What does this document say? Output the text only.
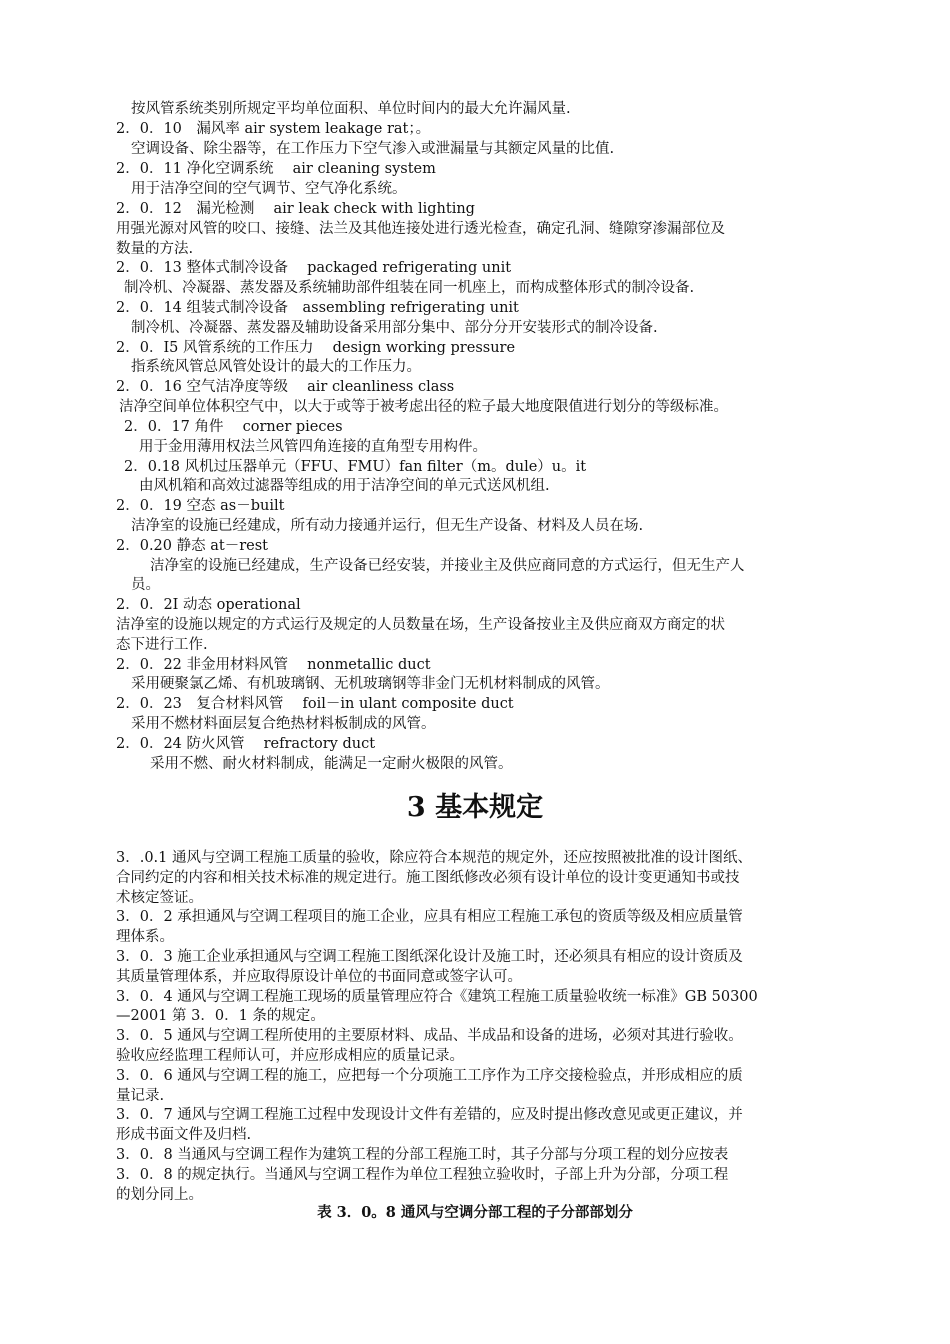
按风管系统类别所规定平均单位面积、单位时间内的最大允许漏风量.
2．0．10　漏风率 air system leakage rat；。
空调设备、除尘器等，在工作压力下空气渗入或泄漏量与其额定风量的比值.
2．0．11 净化空调系统　 air cleaning system
用于洁净空间的空气调节、空气净化系统。
2．0．12　漏光检测　 air leak check with lighting
用强光源对风管的咬口、接缝、法兰及其他连接处进行透光检查，确定孔洞、缝隙穿渗漏部位及
数量的方法.
2．0．13 整体式制冷设备　 packaged refrigerating unit
制冷机、冷凝器、蒸发器及系统辅助部件组装在同一机座上，而构成整体形式的制冷设备.
2．0．14 组装式制冷设备　assembling refrigerating unit
制冷机、冷凝器、蒸发器及辅助设备采用部分集中、部分分开安装形式的制冷设备.
2．0．I5 风管系统的工作压力　 design working pressure
指系统风管总风管处设计的最大的工作压力。
2．0．16 空气洁净度等级　 air cleanliness class
洁净空间单位体积空气中，以大于或等于被考虑出径的粒子最大地度限值进行划分的等级标准。
2．0．17 角件　 corner pieces
用于金用薄用权法兰风管四角连接的直角型专用构件。
2．0.18 风机过压器单元（FFU、FMU）fan filter（m。dule）u。it
由风机箱和高效过滤器等组成的用于洁净空间的单元式送风机组.
2．0．19 空态 as－built
洁净室的设施已经建成，所有动力接通并运行，但无生产设备、材料及人员在场.
2．0.20 静态 at－rest
洁净室的设施已经建成，生产设备已经安装，并接业主及供应商同意的方式运行，但无生产人
员。
2．0．2I 动态 operational
洁净室的设施以规定的方式运行及规定的人员数量在场，生产设备按业主及供应商双方商定的状
态下进行工作.
2．0．22 非金用材料风管　 nonmetallic duct
采用硬聚氯乙烯、有机玻璃钢、无机玻璃钢等非金门无机材料制成的风管。
2．0．23　复合材料风管　 foil－in ulant composite duct
采用不燃材料面层复合绝热材料板制成的风管。
2．0．24 防火风管　 refractory duct
采用不燃、耐火材料制成，能满足一定耐火极限的风管。
3 基本规定
3．.0.1 通风与空调工程施工质量的验收，除应符合本规范的规定外，还应按照被批准的设计图纸、
合同约定的内容和相关技术标准的规定进行。施工图纸修改必须有设计单位的设计变更通知书或技
术核定签证。
3．0．2 承担通风与空调工程项目的施工企业，应具有相应工程施工承包的资质等级及相应质量管
理体系。
3．0．3 施工企业承担通风与空调工程施工图纸深化设计及施工时，还必须具有相应的设计资质及
其质量管理体系，并应取得原设计单位的书面同意或签字认可。
3．0．4 通风与空调工程施工现场的质量管理应符合《建筑工程施工质量验收统一标准》GB 50300
—2001 第 3．0．1 条的规定。
3．0．5 通风与空调工程所使用的主要原材料、成品、半成品和设备的进场，必须对其进行验收。
验收应经监理工程师认可，并应形成相应的质量记录。
3．0．6 通风与空调工程的施工，应把每一个分项施工工序作为工序交接检验点，并形成相应的质
量记录.
3．0．7 通风与空调工程施工过程中发现设计文件有差错的，应及时提出修改意见或更正建议，并
形成书面文件及归档.
3．0．8 当通风与空调工程作为建筑工程的分部工程施工时，其子分部与分项工程的划分应按表
3．0．8 的规定执行。当通风与空调工程作为单位工程独立验收时，子部上升为分部，分项工程
的划分同上。
表 3．0。8 通风与空调分部工程的子分部部划分
